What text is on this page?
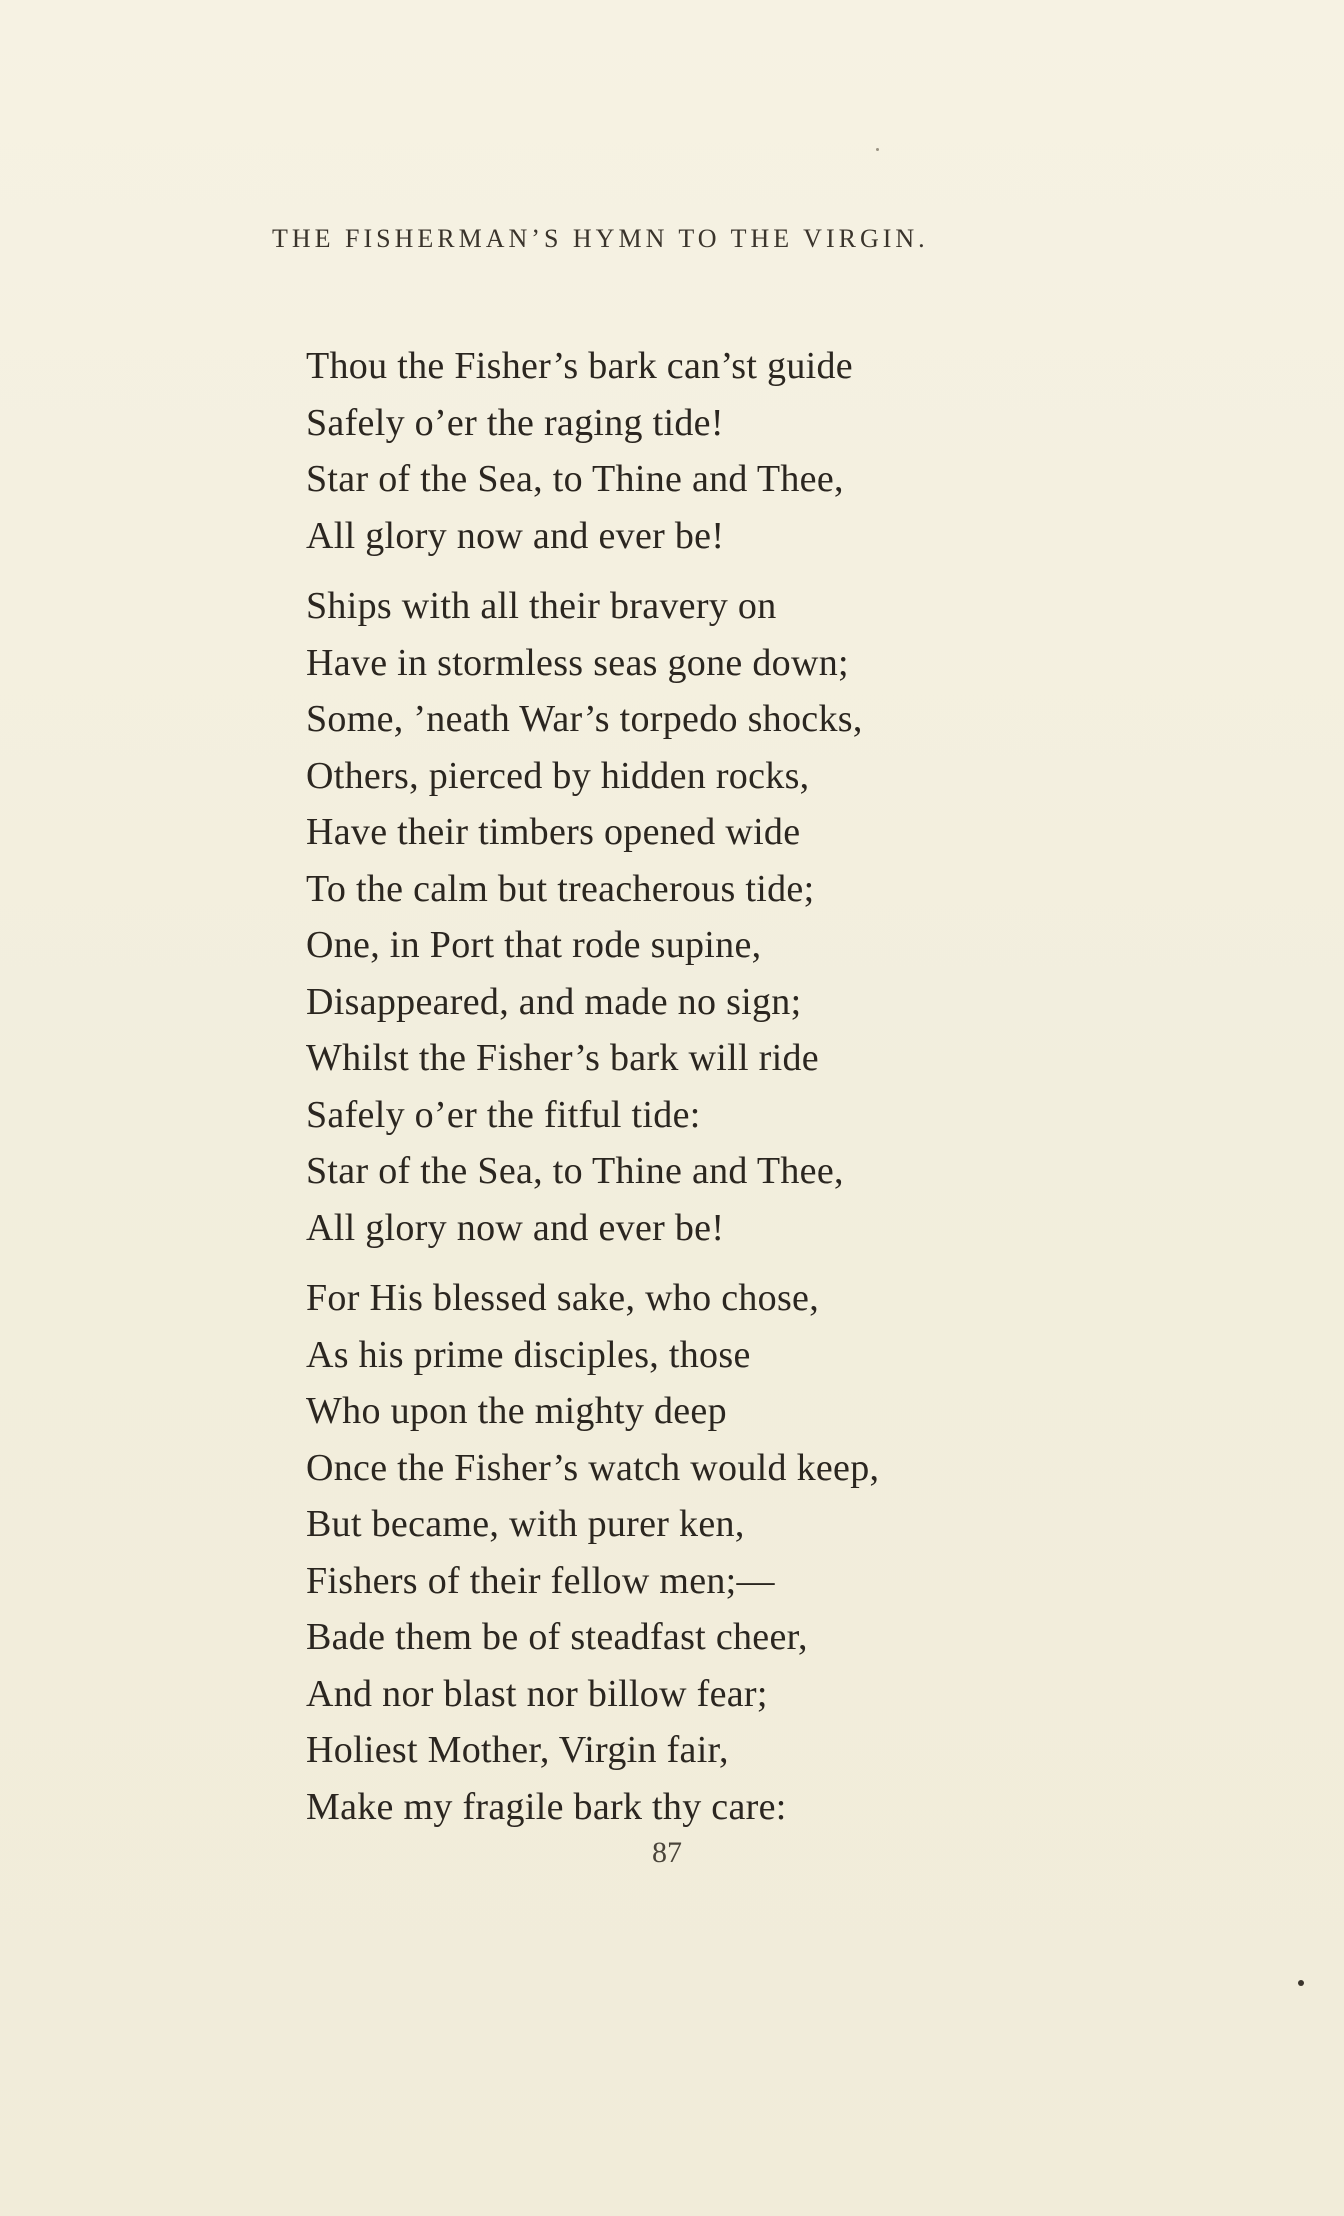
THE FISHERMAN’S HYMN TO THE VIRGIN.
Thou the Fisher’s bark can’st guide
Safely o’er the raging tide!
Star of the Sea, to Thine and Thee,
All glory now and ever be!
Ships with all their bravery on
Have in stormless seas gone down;
Some, ’neath War’s torpedo shocks,
Others, pierced by hidden rocks,
Have their timbers opened wide
To the calm but treacherous tide;
One, in Port that rode supine,
Disappeared, and made no sign;
Whilst the Fisher’s bark will ride
Safely o’er the fitful tide:
Star of the Sea, to Thine and Thee,
All glory now and ever be!
For His blessed sake, who chose,
As his prime disciples, those
Who upon the mighty deep
Once the Fisher’s watch would keep,
But became, with purer ken,
Fishers of their fellow men;—
Bade them be of steadfast cheer,
And nor blast nor billow fear;
Holiest Mother, Virgin fair,
Make my fragile bark thy care:
87
